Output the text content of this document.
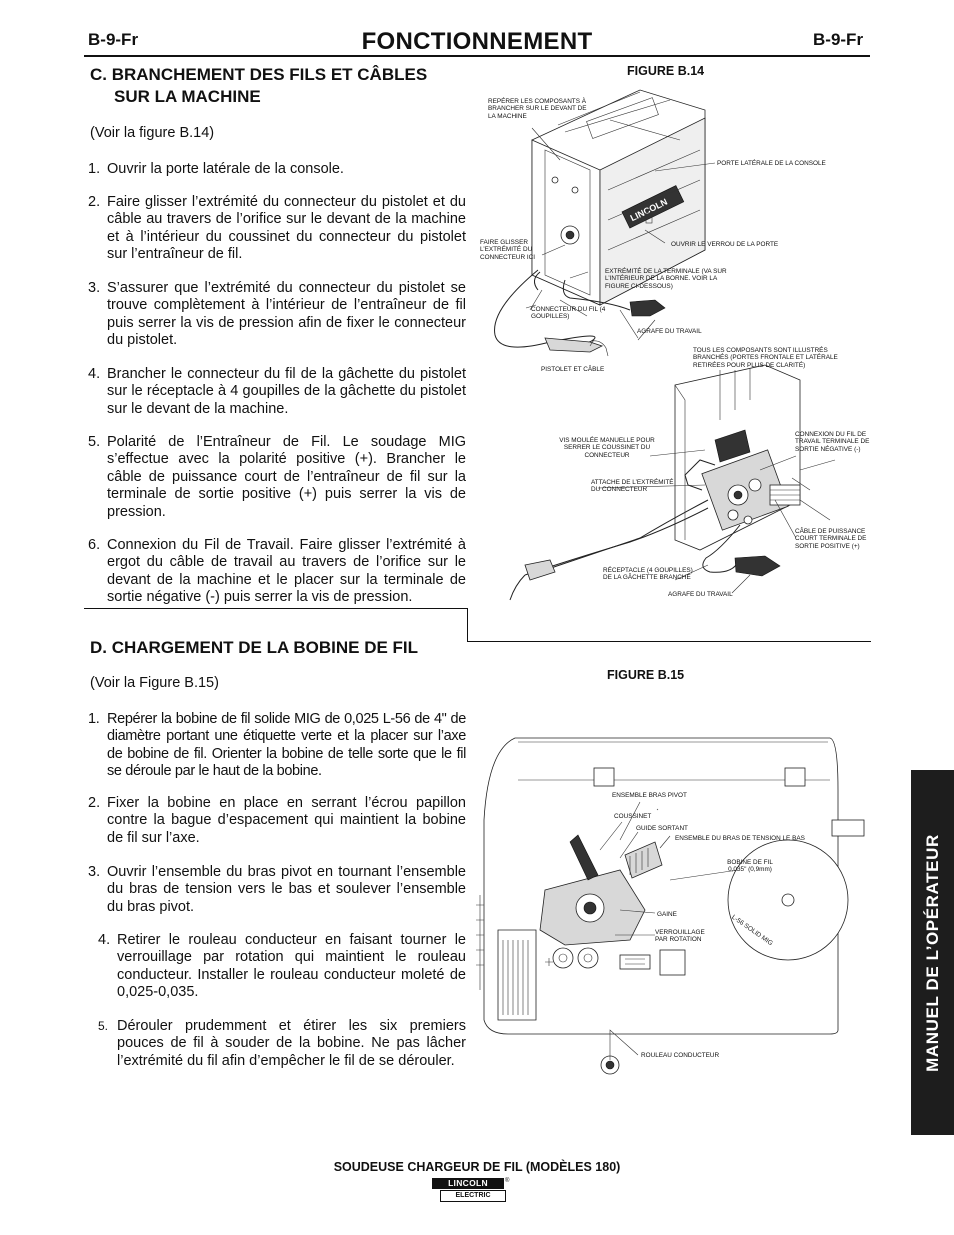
B-9-Fr	FONCTIONNEMENT	B-9-Fr
C. BRANCHEMENT DES FILS ET CÂBLES
SUR LA MACHINE
(Voir la figure B.14)
1. Ouvrir la porte latérale de la console.
2. Faire glisser l’extrémité du connecteur du pistolet et du câble au travers de l’orifice sur le devant de la machine et à l’intérieur du coussinet du connecteur du pistolet sur l’entraîneur de fil.
3. S’assurer que l’extrémité du connecteur du pistolet se trouve complètement à l’intérieur de l’entraîneur de fil puis serrer la vis de pression afin de fixer le connecteur du pistolet.
4. Brancher le connecteur du fil de la gâchette du pistolet sur le réceptacle à 4 goupilles de la gâchette du pistolet sur le devant de la machine.
5. Polarité de l’Entraîneur de Fil. Le soudage MIG s’effectue avec la polarité positive (+). Brancher le câble de puissance court de l’entraîneur de fil sur la terminale de sortie positive (+) puis serrer la vis de pression.
6. Connexion du Fil de Travail. Faire glisser l’extrémité à ergot du câble de travail au travers de l’orifice sur le devant de la machine et le placer sur la terminale de sortie négative (-) puis serrer la vis de pression.
D. CHARGEMENT DE LA BOBINE DE FIL
(Voir la Figure B.15)
1. Repérer la bobine de fil solide MIG de 0,025 L-56 de 4" de diamètre portant une étiquette verte et la placer sur l’axe de bobine de fil. Orienter la bobine de telle sorte que le fil se déroule par le haut de la bobine.
2. Fixer la bobine en place en serrant l’écrou papillon contre la bague d’espacement qui maintient la bobine de fil sur l’axe.
3. Ouvrir l’ensemble du bras pivot en tournant l’ensemble du bras de tension vers le bas et soulever l’ensemble du bras pivot.
4. Retirer le rouleau conducteur en faisant tourner le verrouillage par rotation qui maintient le rouleau conducteur. Installer le rouleau conducteur moleté de 0,025-0,035.
5. Dérouler prudemment et étirer les six premiers pouces de fil à souder de la bobine. Ne pas lâcher l’extrémité du fil afin d’empêcher le fil de se dérouler.
FIGURE B.14
LINCOLN
REPÉRER LES COMPOSANTS À BRANCHER SUR LE DEVANT DE LA MACHINE
PORTE LATÉRALE DE LA CONSOLE
FAIRE GLISSER L’EXTRÉMITÉ DU CONNECTEUR ICI
OUVRIR LE VERROU DE LA PORTE
EXTRÉMITÉ DE LA TERMINALE (VA SUR L’INTÉRIEUR DE LA BORNE. VOIR LA FIGURE CI-DESSOUS)
CONNECTEUR DU FIL (4 GOUPILLES)
AGRAFE DU TRAVAIL
PISTOLET ET CÂBLE
TOUS LES COMPOSANTS SONT ILLUSTRÉS BRANCHÉS (PORTES FRONTALE ET LATÉRALE RETIRÉES POUR PLUS DE CLARITÉ)
VIS MOULÉE MANUELLE POUR SERRER LE COUSSINET DU CONNECTEUR
CONNEXION DU FIL DE TRAVAIL TERMINALE DE SORTIE NÉGATIVE (-)
ATTACHE DE L’EXTRÉMITÉ DU CONNECTEUR
CÂBLE DE PUISSANCE COURT TERMINALE DE SORTIE POSITIVE (+)
RÉCEPTACLE (4 GOUPILLES) DE LA GÂCHETTE BRANCHÉ
AGRAFE DU TRAVAIL
FIGURE B.15
L-56 SOLID MIG
ENSEMBLE BRAS PIVOT
COUSSINET
GUIDE SORTANT
ENSEMBLE DU BRAS DE TENSION LE BAS
BOBINE DE FIL
0,035" (0,9mm)
GAINE
VERROUILLAGE PAR ROTATION
ROULEAU CONDUCTEUR	MANUEL DE L’OPÉRATEUR
SOUDEUSE CHARGEUR DE FIL (MODÈLES 180)
LINCOLN
ELECTRIC
®
